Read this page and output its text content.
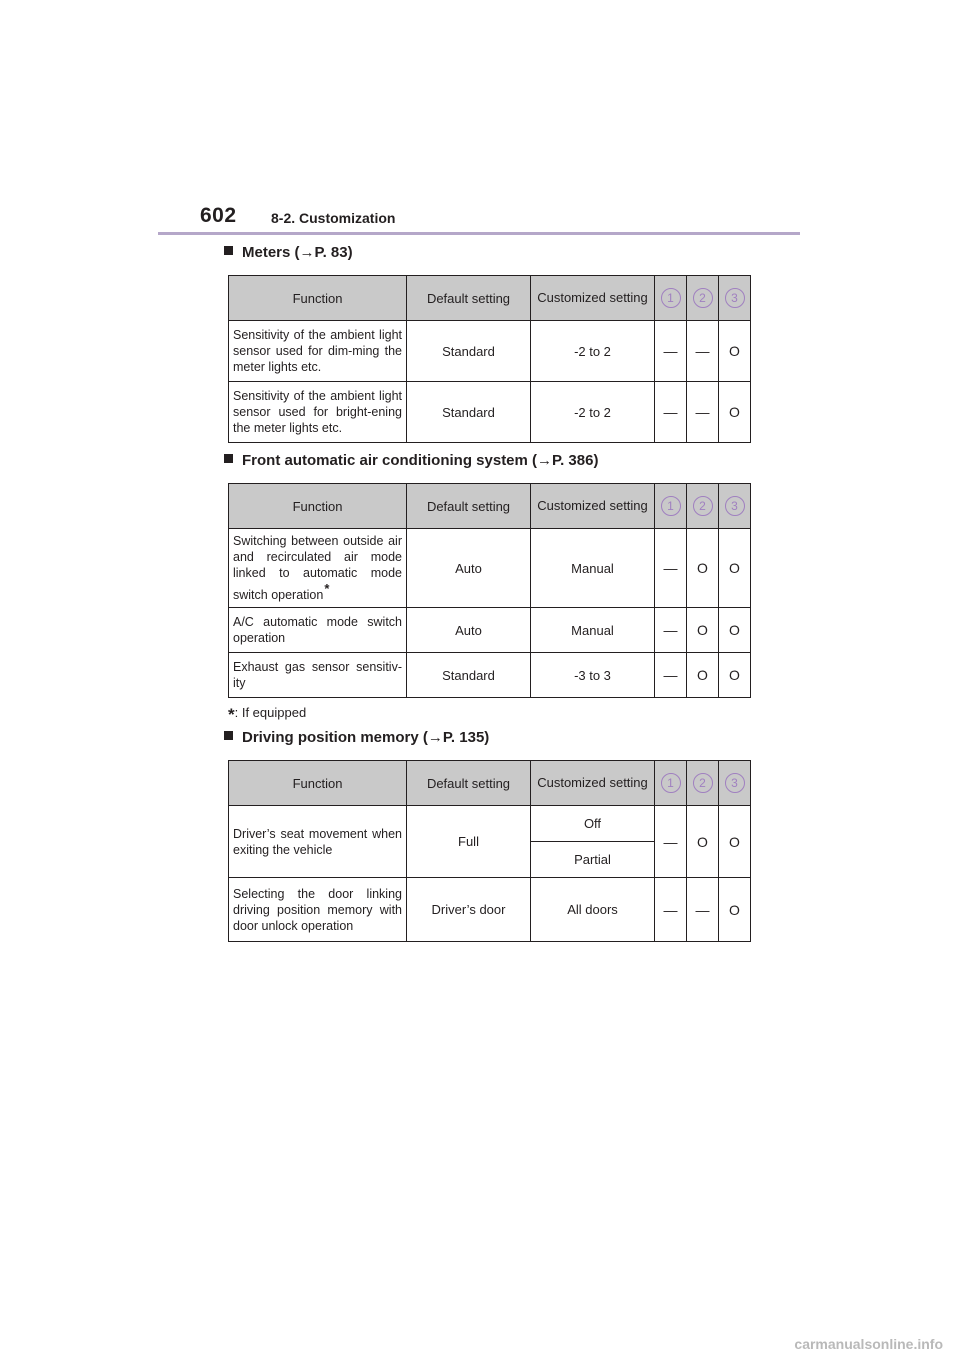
602 8-2. Customization
Meters (→P. 83)
Function	Default setting	Customized setting	1	2	3
Sensitivity of the ambient light sensor used for dim-ming the meter lights etc.	Standard	-2 to 2	—	—	O
Sensitivity of the ambient light sensor used for bright-ening the meter lights etc.	Standard	-2 to 2	—	—	O
Front automatic air conditioning system (→P. 386)
Function	Default setting	Customized setting	1	2	3
Switching between outside air and recirculated air mode linked to automatic mode switch operation*	Auto	Manual	—	O	O
A/C automatic mode switch operation	Auto	Manual	—	O	O
Exhaust gas sensor sensitiv-ity	Standard	-3 to 3	—	O	O
*: If equipped
Driving position memory (→P. 135)
Function	Default setting	Customized setting	1	2	3
Driver’s seat movement when exiting the vehicle	Full	Off	—	O	O
		Partial			
Selecting the door linking driving position memory with door unlock operation	Driver’s door	All doors	—	—	O
carmanualsonline.info
